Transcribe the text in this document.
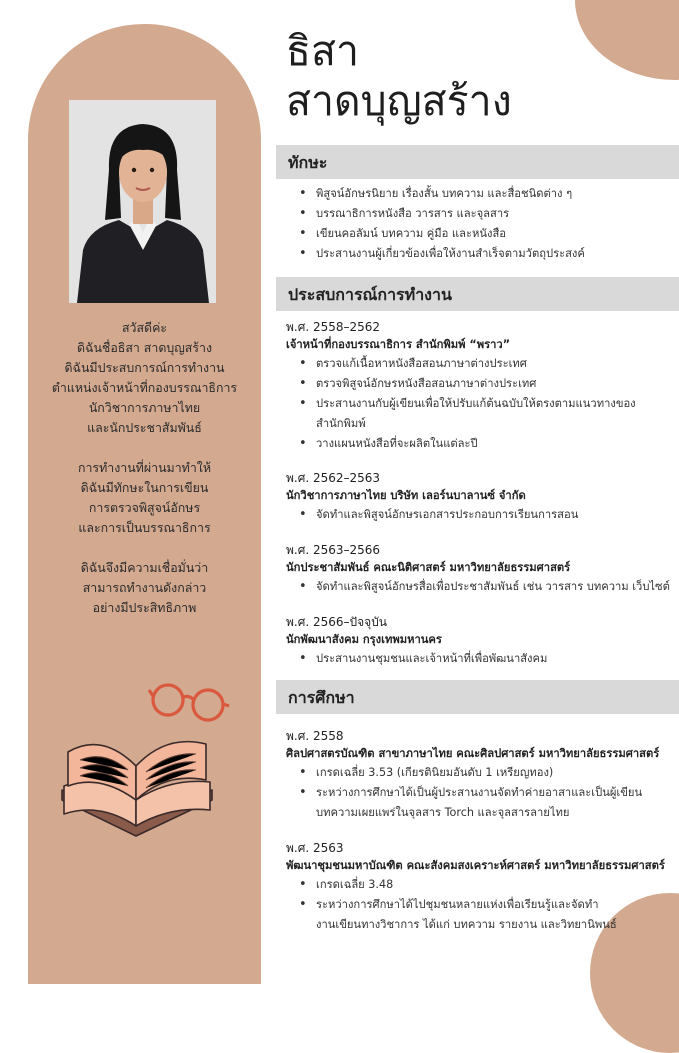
สวัสดีค่ะ
ดิฉันชื่อธิสา สาดบุญสร้าง
ดิฉันมีประสบการณ์การทำงาน
ตำแหน่งเจ้าหน้าที่กองบรรณาธิการ
นักวิชาการภาษาไทย
และนักประชาสัมพันธ์

การทำงานที่ผ่านมาทำให้
ดิฉันมีทักษะในการเขียน
การตรวจพิสูจน์อักษร
และการเป็นบรรณาธิการ

ดิฉันจึงมีความเชื่อมั่นว่า
สามารถทำงานดังกล่าว
อย่างมีประสิทธิภาพ

ธิสา
สาดบุญสร้าง
ทักษะ
• พิสูจน์อักษรนิยาย เรื่องสั้น บทความ และสื่อชนิดต่าง ๆ
• บรรณาธิการหนังสือ วารสาร และจุลสาร
• เขียนคอลัมน์ บทความ คู่มือ และหนังสือ
• ประสานงานผู้เกี่ยวข้องเพื่อให้งานสำเร็จตามวัตถุประสงค์
ประสบการณ์การทำงาน
พ.ศ. 2558–2562
เจ้าหน้าที่กองบรรณาธิการ สำนักพิมพ์ “พราว”
• ตรวจแก้เนื้อหาหนังสือสอนภาษาต่างประเทศ
• ตรวจพิสูจน์อักษรหนังสือสอนภาษาต่างประเทศ
• ประสานงานกับผู้เขียนเพื่อให้ปรับแก้ต้นฉบับให้ตรงตามแนวทางของ
สำนักพิมพ์
• วางแผนหนังสือที่จะผลิตในแต่ละปี
พ.ศ. 2562–2563
นักวิชาการภาษาไทย บริษัท เลอร์นบาลานซ์ จำกัด
• จัดทำและพิสูจน์อักษรเอกสารประกอบการเรียนการสอน
พ.ศ. 2563–2566
นักประชาสัมพันธ์ คณะนิติศาสตร์ มหาวิทยาลัยธรรมศาสตร์
• จัดทำและพิสูจน์อักษรสื่อเพื่อประชาสัมพันธ์ เช่น วารสาร บทความ เว็บไซต์
พ.ศ. 2566–ปัจจุบัน
นักพัฒนาสังคม กรุงเทพมหานคร
• ประสานงานชุมชนและเจ้าหน้าที่เพื่อพัฒนาสังคม
การศึกษา
พ.ศ. 2558
ศิลปศาสตรบัณฑิต สาขาภาษาไทย คณะศิลปศาสตร์ มหาวิทยาลัยธรรมศาสตร์
• เกรดเฉลี่ย 3.53 (เกียรตินิยมอันดับ 1 เหรียญทอง)
• ระหว่างการศึกษาได้เป็นผู้ประสานงานจัดทำค่ายอาสาและเป็นผู้เขียน
บทความเผยแพร่ในจุลสาร Torch และจุลสารลายไทย
พ.ศ. 2563
พัฒนาชุมชนมหาบัณฑิต คณะสังคมสงเคราะห์ศาสตร์ มหาวิทยาลัยธรรมศาสตร์
• เกรดเฉลี่ย 3.48
• ระหว่างการศึกษาได้ไปชุมชนหลายแห่งเพื่อเรียนรู้และจัดทำ
งานเขียนทางวิชาการ ได้แก่ บทความ รายงาน และวิทยานิพนธ์
